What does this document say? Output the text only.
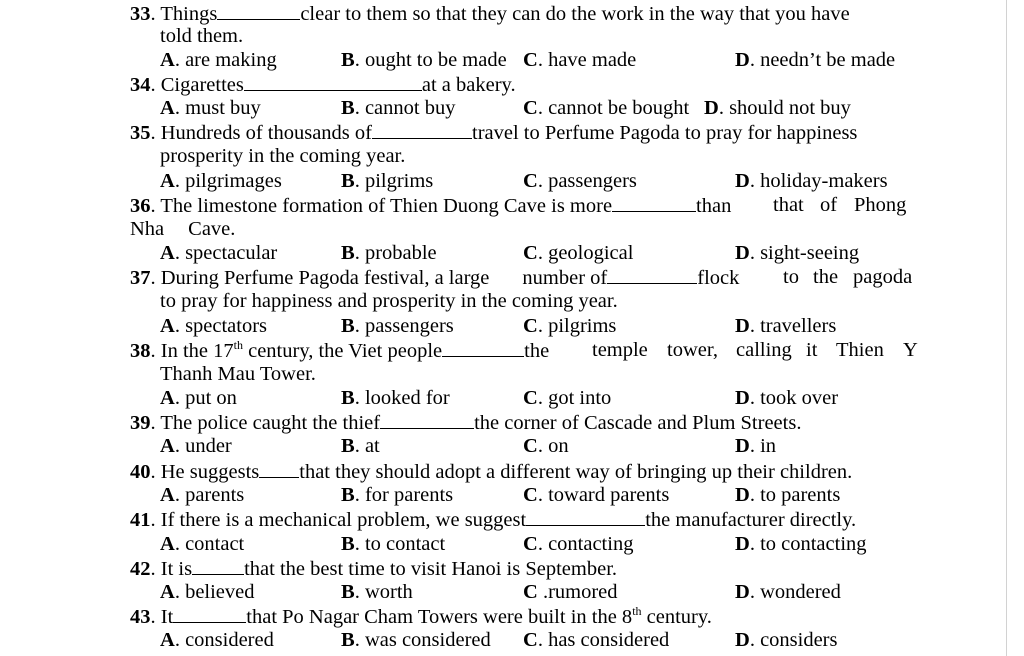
33. Things	clear to them so that they can do the work in the way that you have
told them.
A. are making	B. ought to be made C. have made	D. needn’t be made
34. Cigarettes	at a bakery.
A. must buy	B. cannot buy	C. cannot be bought D. should not buy
35. Hundreds of thousands of	travel to Perfume Pagoda to pray for happiness
prosperity in the coming year.
A. pilgrimages	B. pilgrims	C. passengers	D. holiday-makers
36. The limestone formation of Thien Duong Cave is more	than that of Phong
Nha Cave.
A. spectacular	B. probable	C. geological	D. sight-seeing
37. During Perfume Pagoda festival, a large number of	flock to the pagoda
to pray for happiness and prosperity in the coming year.
A. spectators	B. passengers	C. pilgrims	D. travellers
38. In the 17th century, the Viet people	the temple tower, calling it Thien Y
Thanh Mau Tower.
A. put on	B. looked for	C. got into	D. took over
39. The police caught the thief	the corner of Cascade and Plum Streets.
A. under	B. at	C. on	D. in
40. He suggests that they should adopt a different way of bringing up their children.
A. parents	B. for parents	C. toward parents	D. to parents
41. If there is a mechanical problem, we suggest	the manufacturer directly.
A. contact	B. to contact	C. contacting	D. to contacting
42. It is	that the best time to visit Hanoi is September.
A. believed	B. worth	C .rumored	D. wondered
43. It	that Po Nagar Cham Towers were built in the 8th century.
A. considered	B. was considered C. has considered	D. considers
